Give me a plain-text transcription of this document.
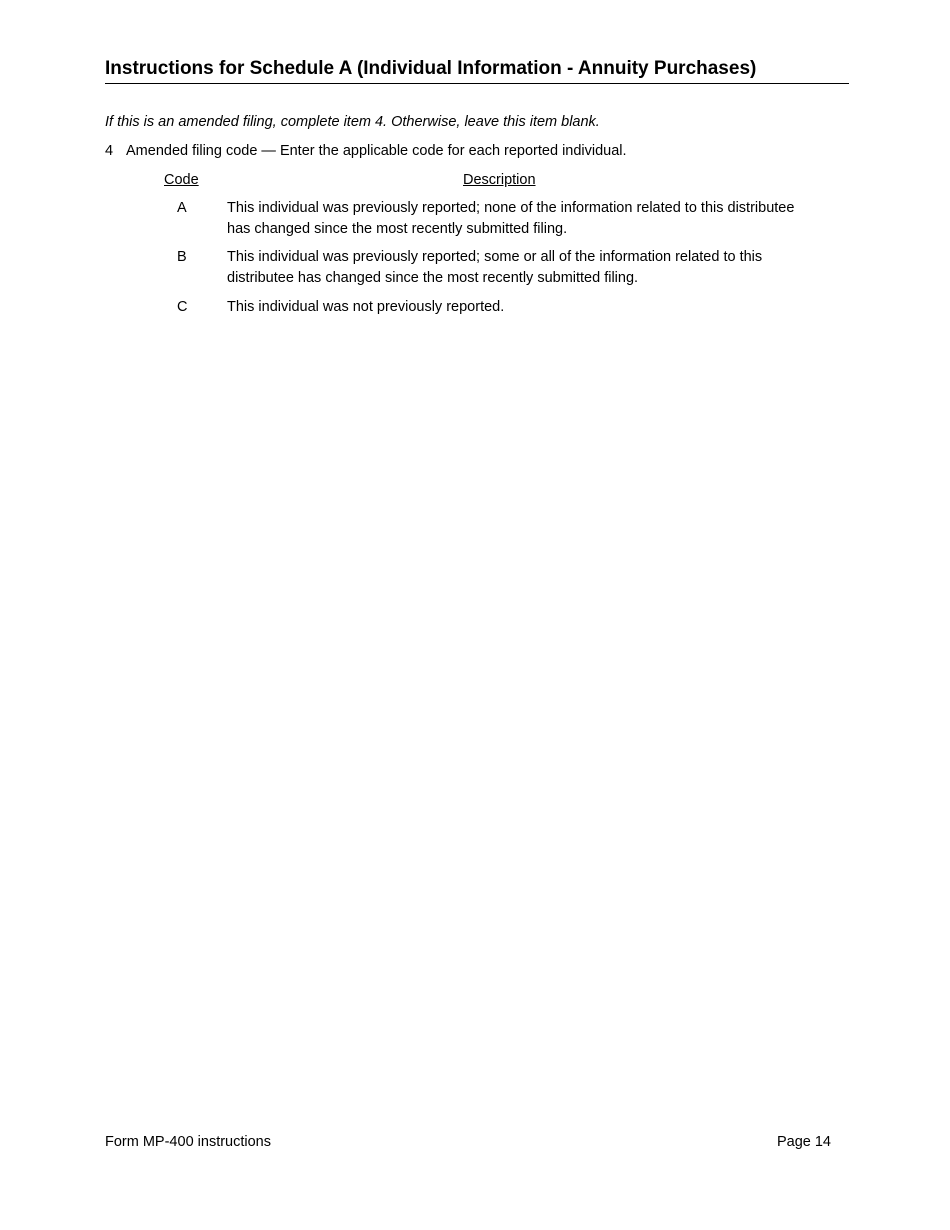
Instructions for Schedule A (Individual Information - Annuity Purchases)
If this is an amended filing, complete item 4. Otherwise, leave this item blank.
4 Amended filing code — Enter the applicable code for each reported individual.
Code	Description
A	This individual was previously reported; none of the information related to this distributee has changed since the most recently submitted filing.
B	This individual was previously reported; some or all of the information related to this distributee has changed since the most recently submitted filing.
C	This individual was not previously reported.
Form MP-400 instructions	Page 14
